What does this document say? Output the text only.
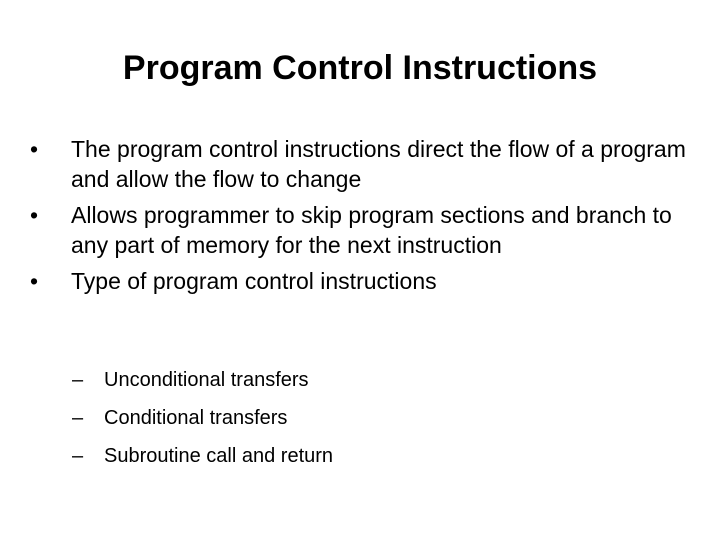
Program Control Instructions
•	The program control instructions direct the flow of a program and allow the flow to change
•	Allows programmer to skip program sections and branch to any part of memory for the next instruction
•	Type of program control instructions
–	Unconditional transfers
–	Conditional transfers
–	Subroutine call and return
